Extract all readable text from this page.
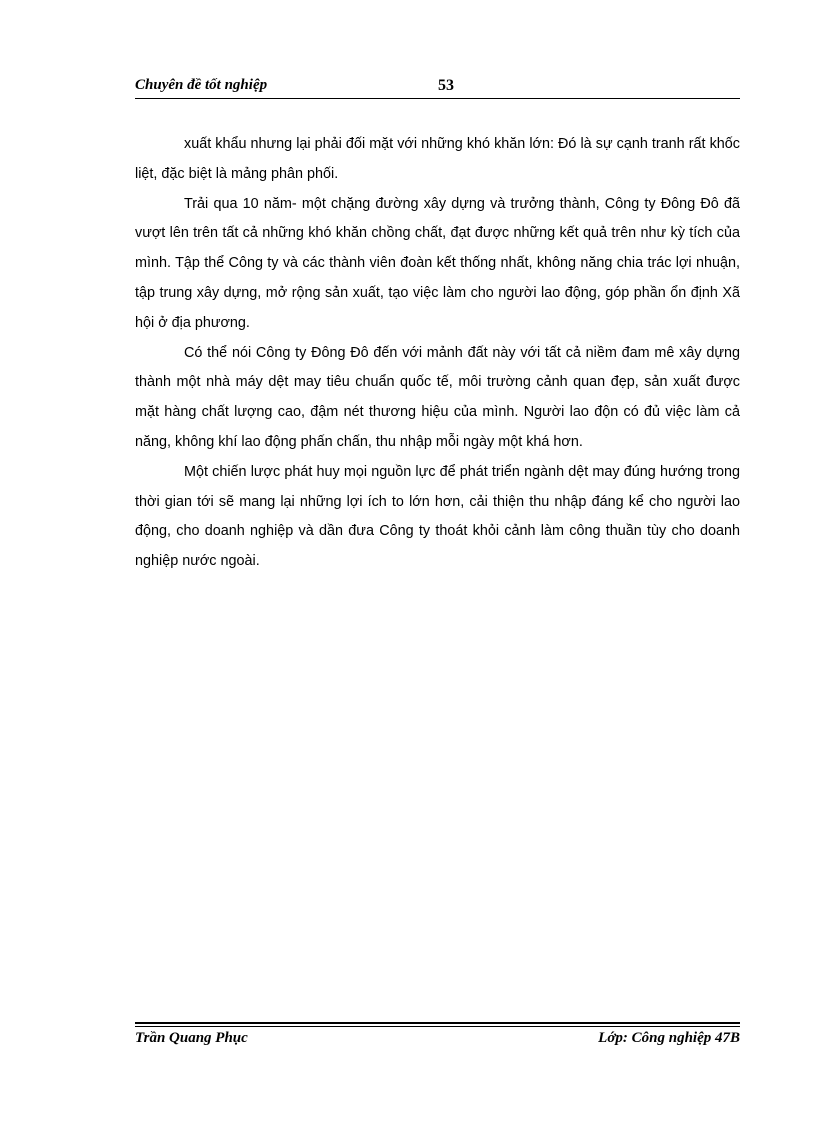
Chuyên đề tốt nghiệp	53

xuất khẩu nhưng lại phải đối mặt với những khó khăn lớn: Đó là sự cạnh tranh rất khốc liệt, đặc biệt là mảng phân phối.

Trải qua 10 năm- một chặng đường xây dựng và trưởng thành, Công ty Đông Đô đã vượt lên trên tất cả những khó khăn chồng chất, đạt được những kết quả trên như kỳ tích của mình. Tập thể Công ty và các thành viên đoàn kết thống nhất, không năng chia trác lợi nhuận, tập trung xây dựng, mở rộng sản xuất, tạo việc làm cho người lao động, góp phần ổn định Xã hội ở địa phương.

Có thể nói Công ty Đông Đô đến với mảnh đất này với tất cả niềm đam mê xây dựng thành một nhà máy dệt may tiêu chuẩn quốc tế, môi trường cảnh quan đẹp, sản xuất được mặt hàng chất lượng cao, đậm nét thương hiệu của mình. Người lao độn có đủ việc làm cả năng, không khí lao động phấn chấn, thu nhập mỗi ngày một khá hơn.

Một chiến lược phát huy mọi nguồn lực để phát triển ngành dệt may đúng hướng trong thời gian tới sẽ mang lại những lợi ích to lớn hơn, cải thiện thu nhập đáng kể cho người lao động, cho doanh nghiệp và dần đưa Công ty thoát khỏi cảnh làm công thuần tùy cho doanh nghiệp nước ngoài.

Trần Quang Phục	Lớp: Công nghiệp 47B
